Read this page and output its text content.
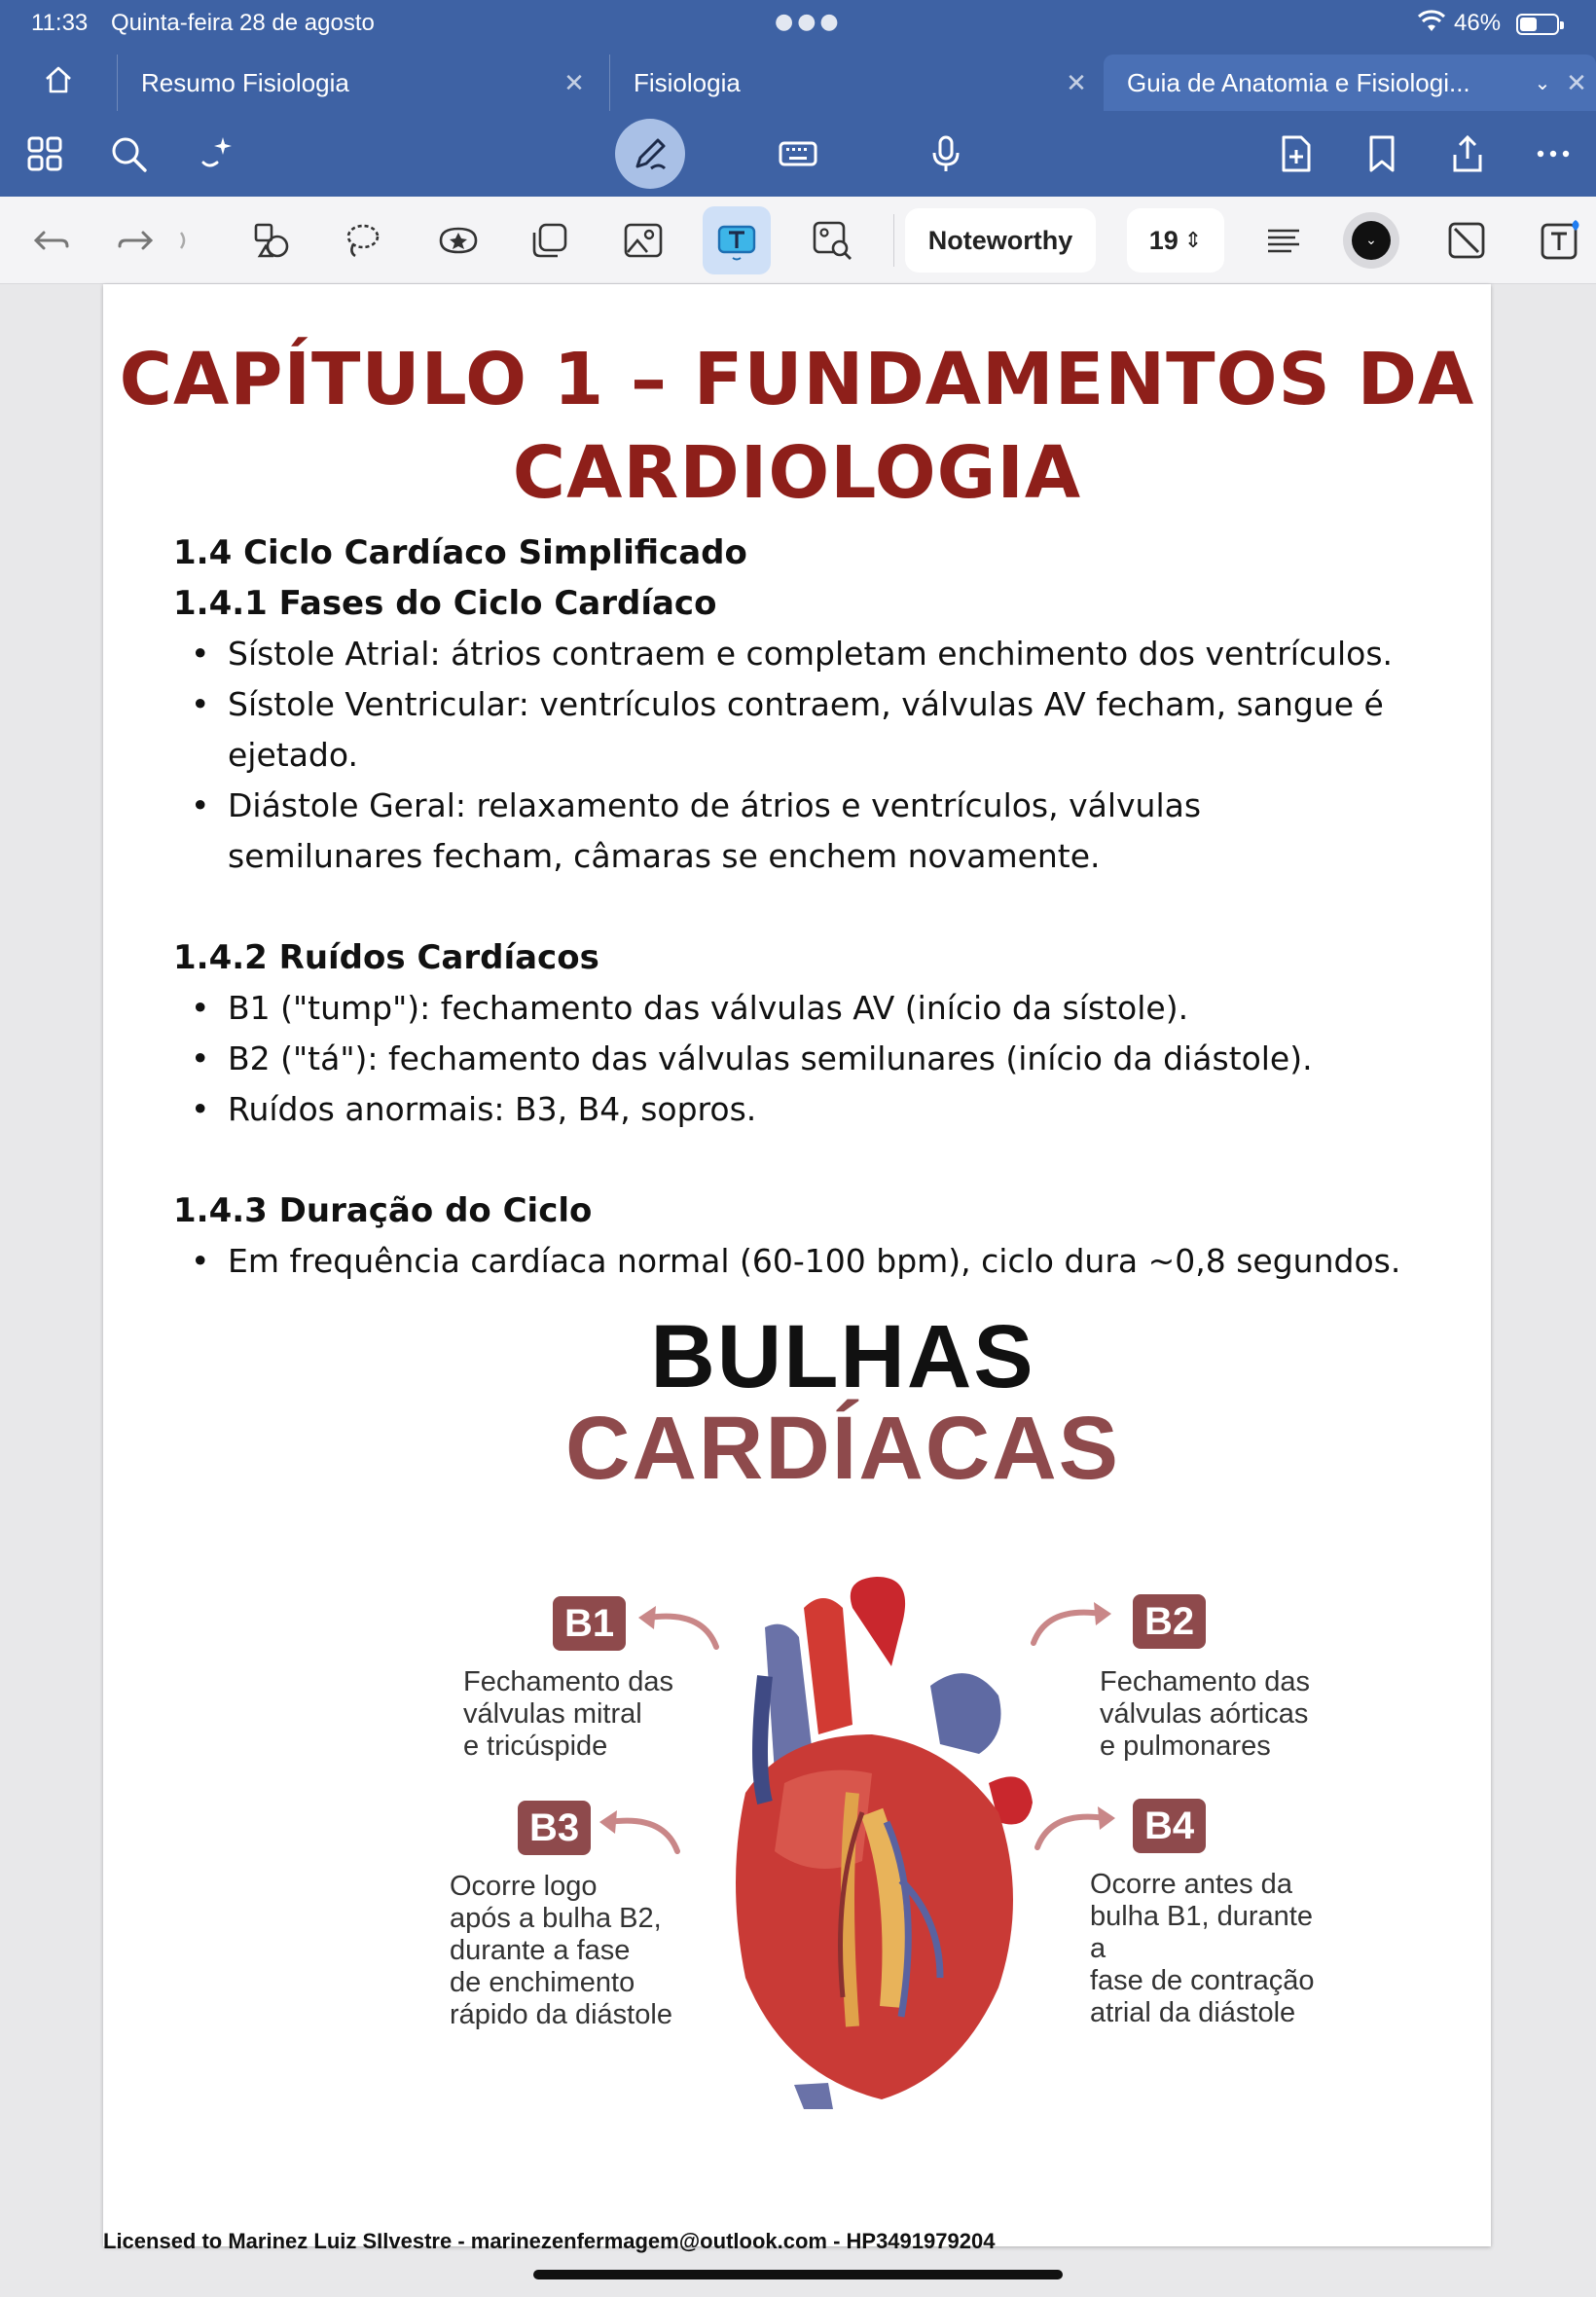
11:33 Quinta-feira 28 de agosto	●●●	46%
Resumo Fisiologia	✕	Fisiologia	✕	Guia de Anatomia e Fisiologi...	⌄ ✕
Noteworthy	19 ⇕	⌄
CAPÍTULO 1 – FUNDAMENTOS DA
CARDIOLOGIA
1.4 Ciclo Cardíaco Simplificado
1.4.1 Fases do Ciclo Cardíaco
• Sístole Atrial: átrios contraem e completam enchimento dos ventrículos.
• Sístole Ventricular: ventrículos contraem, válvulas AV fecham, sangue é ejetado.
• Diástole Geral: relaxamento de átrios e ventrículos, válvulas semilunares fecham, câmaras se enchem novamente.
1.4.2 Ruídos Cardíacos
• B1 ("tump"): fechamento das válvulas AV (início da sístole).
• B2 ("tá"): fechamento das válvulas semilunares (início da diástole).
• Ruídos anormais: B3, B4, sopros.
1.4.3 Duração do Ciclo
• Em frequência cardíaca normal (60-100 bpm), ciclo dura ~0,8 segundos.
BULHAS
CARDÍACAS
B1
Fechamento das
válvulas mitral
e tricúspide
B3
Ocorre logo
após a bulha B2,
durante a fase
de enchimento
rápido da diástole
B2
Fechamento das
válvulas aórticas
e pulmonares
B4
Ocorre antes da
bulha B1, durante a
fase de contração
atrial da diástole
Licensed to Marinez Luiz SIlvestre - marinezenfermagem@outlook.com - HP3491979204
